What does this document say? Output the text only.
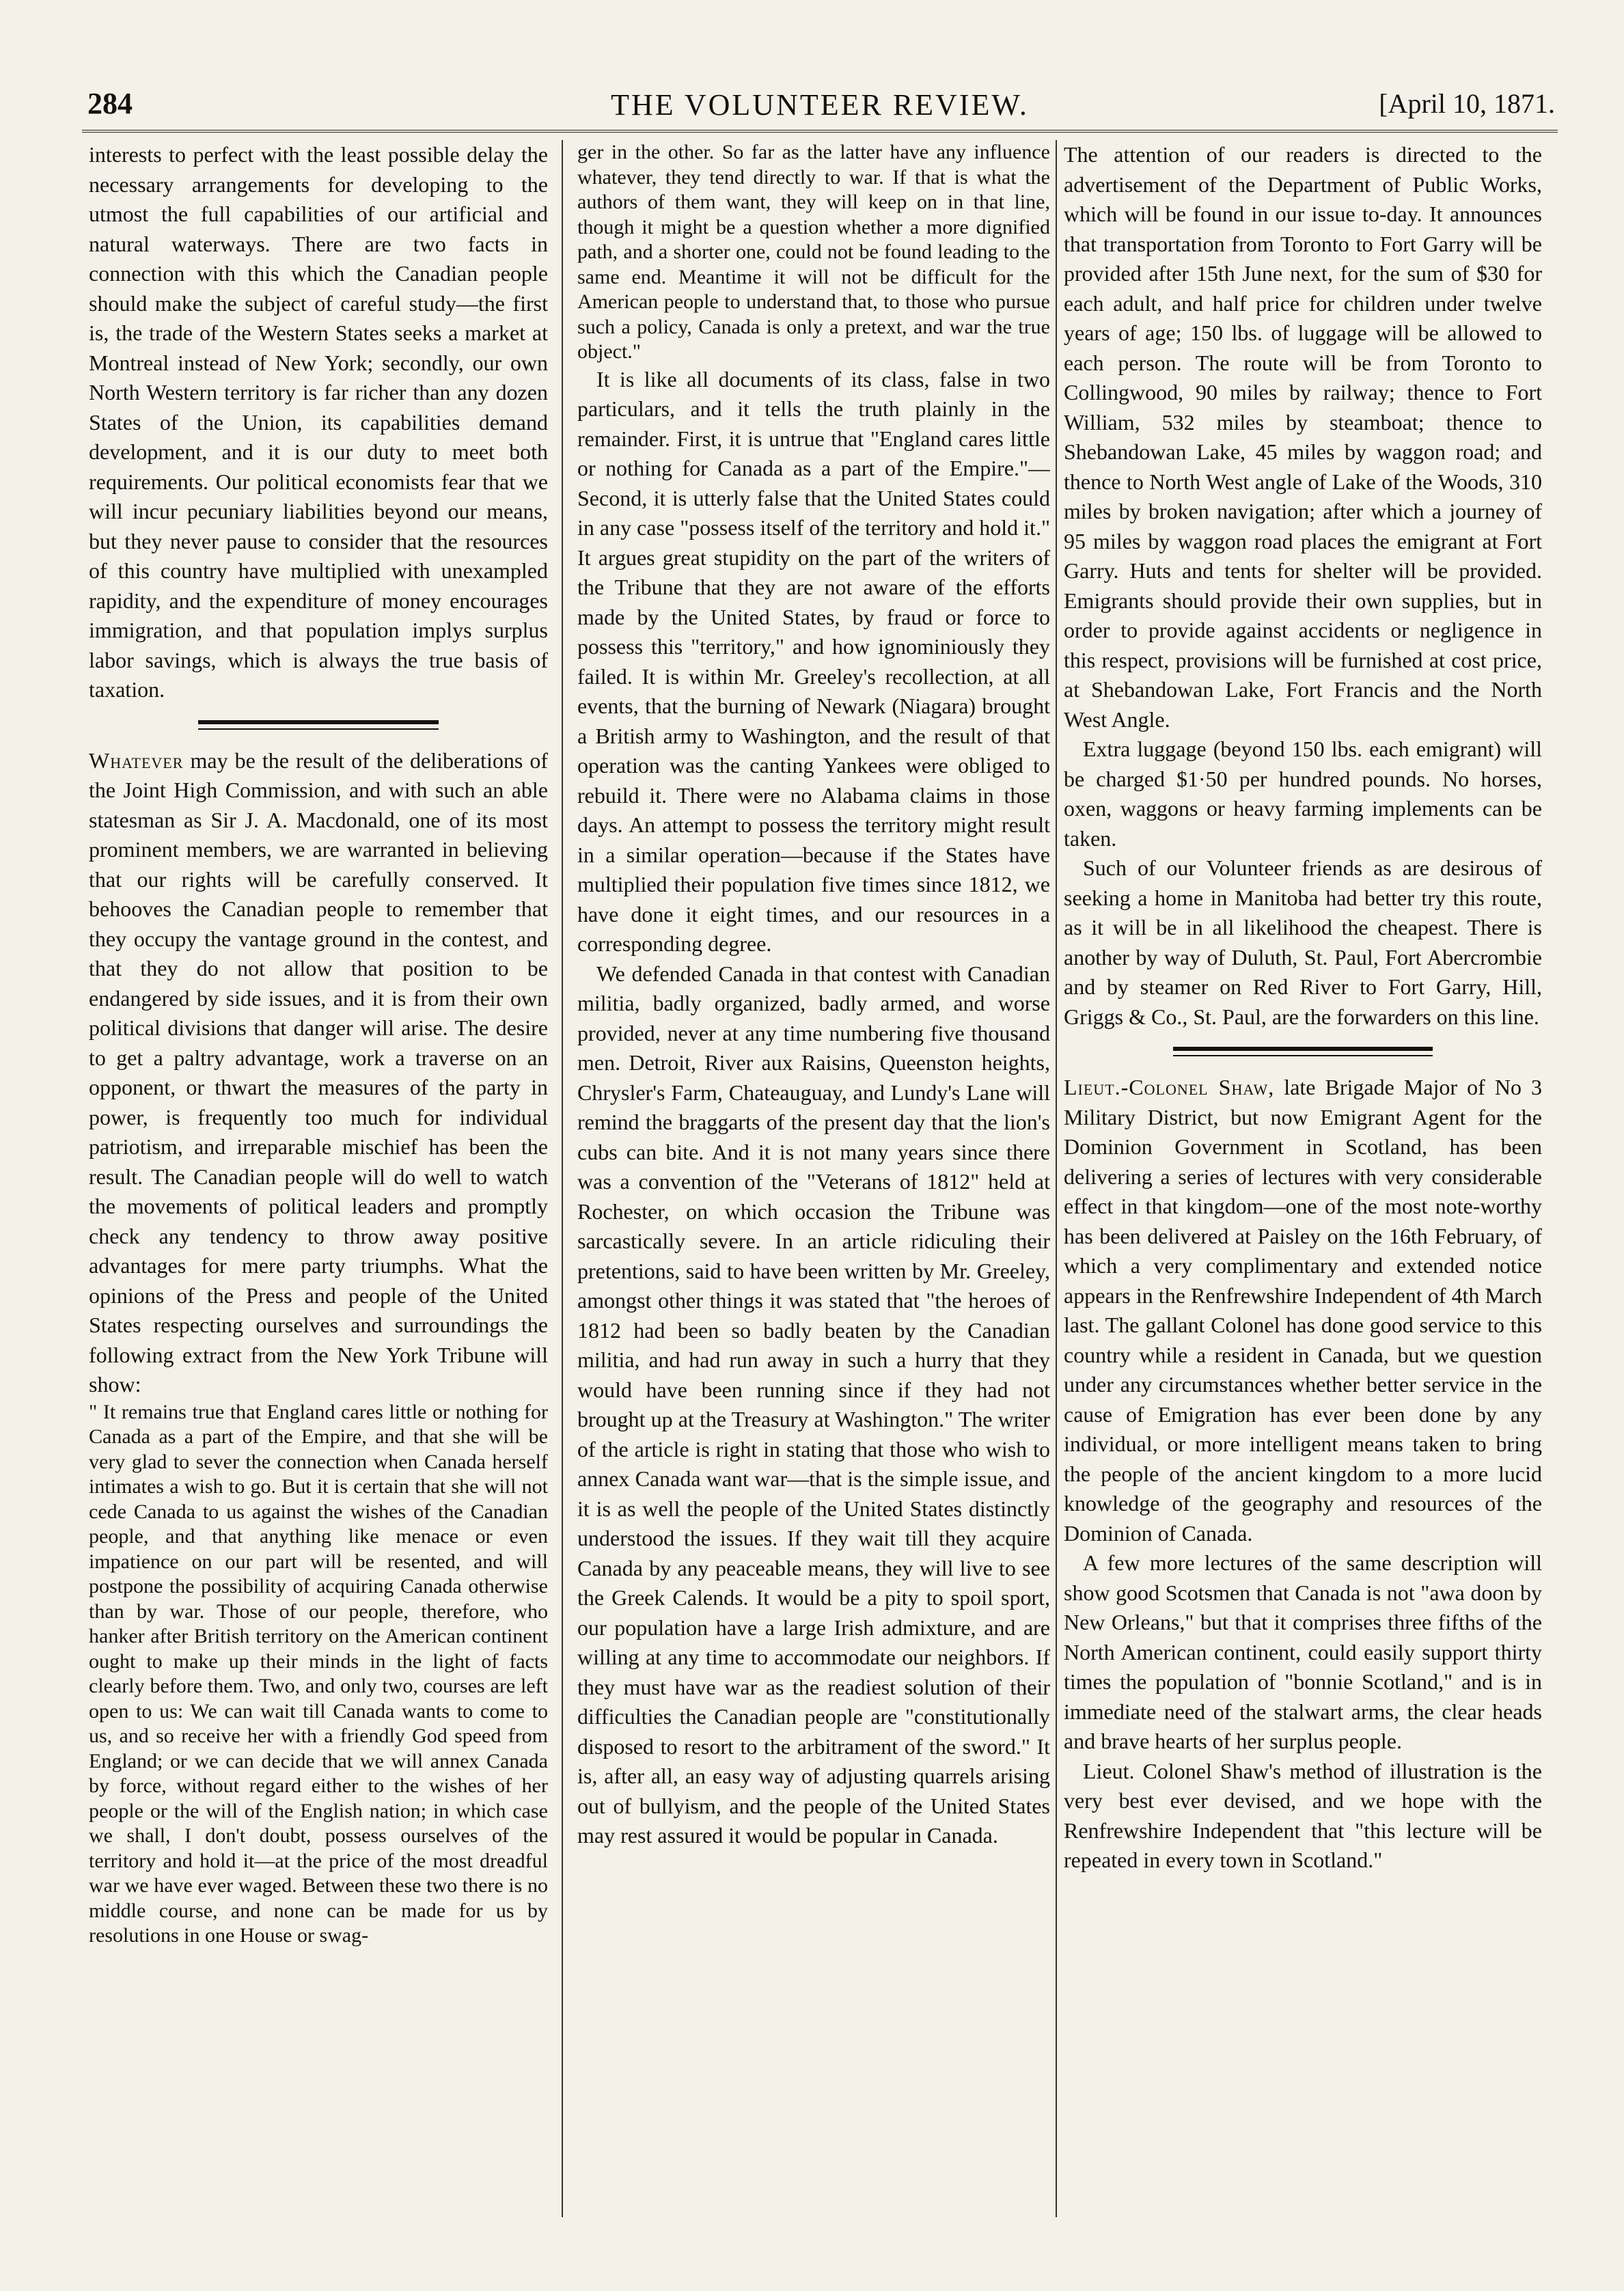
284	THE VOLUNTEER REVIEW.	[April 10, 1871.

interests to perfect with the least possible delay the necessary arrangements for developing to the utmost the full capabilities of our artificial and natural waterways. There are two facts in connection with this which the Canadian people should make the subject of careful study—the first is, the trade of the Western States seeks a market at Montreal instead of New York; secondly, our own North Western territory is far richer than any dozen States of the Union, its capabilities demand development, and it is our duty to meet both requirements. Our political economists fear that we will incur pecuniary liabilities beyond our means, but they never pause to consider that the resources of this country have multiplied with unexampled rapidity, and the expenditure of money encourages immigration, and that population implys surplus labor savings, which is always the true basis of taxation.

Whatever may be the result of the deliberations of the Joint High Commission, and with such an able statesman as Sir J. A. Macdonald, one of its most prominent members, we are warranted in believing that our rights will be carefully conserved. It behooves the Canadian people to remember that they occupy the vantage ground in the contest, and that they do not allow that position to be endangered by side issues, and it is from their own political divisions that danger will arise. The desire to get a paltry advantage, work a traverse on an opponent, or thwart the measures of the party in power, is frequently too much for individual patriotism, and irreparable mischief has been the result. The Canadian people will do well to watch the movements of political leaders and promptly check any tendency to throw away positive advantages for mere party triumphs. What the opinions of the Press and people of the United States respecting ourselves and surroundings the following extract from the New York Tribune will show:

" It remains true that England cares little or nothing for Canada as a part of the Empire, and that she will be very glad to sever the connection when Canada herself intimates a wish to go. But it is certain that she will not cede Canada to us against the wishes of the Canadian people, and that anything like menace or even impatience on our part will be resented, and will postpone the possibility of acquiring Canada otherwise than by war. Those of our people, therefore, who hanker after British territory on the American continent ought to make up their minds in the light of facts clearly before them. Two, and only two, courses are left open to us: We can wait till Canada wants to come to us, and so receive her with a friendly God speed from England; or we can decide that we will annex Canada by force, without regard either to the wishes of her people or the will of the English nation; in which case we shall, I don't doubt, possess ourselves of the territory and hold it—at the price of the most dreadful war we have ever waged. Between these two there is no middle course, and none can be made for us by resolutions in one House or swag-

ger in the other. So far as the latter have any influence whatever, they tend directly to war. If that is what the authors of them want, they will keep on in that line, though it might be a question whether a more dignified path, and a shorter one, could not be found leading to the same end. Meantime it will not be difficult for the American people to understand that, to those who pursue such a policy, Canada is only a pretext, and war the true object."

It is like all documents of its class, false in two particulars, and it tells the truth plainly in the remainder. First, it is untrue that "England cares little or nothing for Canada as a part of the Empire."—Second, it is utterly false that the United States could in any case "possess itself of the territory and hold it." It argues great stupidity on the part of the writers of the Tribune that they are not aware of the efforts made by the United States, by fraud or force to possess this "territory," and how ignominiously they failed. It is within Mr. Greeley's recollection, at all events, that the burning of Newark (Niagara) brought a British army to Washington, and the result of that operation was the canting Yankees were obliged to rebuild it. There were no Alabama claims in those days. An attempt to possess the territory might result in a similar operation—because if the States have multiplied their population five times since 1812, we have done it eight times, and our resources in a corresponding degree.

We defended Canada in that contest with Canadian militia, badly organized, badly armed, and worse provided, never at any time numbering five thousand men. Detroit, River aux Raisins, Queenston heights, Chrysler's Farm, Chateauguay, and Lundy's Lane will remind the braggarts of the present day that the lion's cubs can bite. And it is not many years since there was a convention of the "Veterans of 1812" held at Rochester, on which occasion the Tribune was sarcastically severe. In an article ridiculing their pretentions, said to have been written by Mr. Greeley, amongst other things it was stated that "the heroes of 1812 had been so badly beaten by the Canadian militia, and had run away in such a hurry that they would have been running since if they had not brought up at the Treasury at Washington." The writer of the article is right in stating that those who wish to annex Canada want war—that is the simple issue, and it is as well the people of the United States distinctly understood the issues. If they wait till they acquire Canada by any peaceable means, they will live to see the Greek Calends. It would be a pity to spoil sport, our population have a large Irish admixture, and are willing at any time to accommodate our neighbors. If they must have war as the readiest solution of their difficulties the Canadian people are "constitutionally disposed to resort to the arbitrament of the sword." It is, after all, an easy way of adjusting quarrels arising out of bullyism, and the people of the United States may rest assured it would be popular in Canada.

The attention of our readers is directed to the advertisement of the Department of Public Works, which will be found in our issue to-day. It announces that transportation from Toronto to Fort Garry will be provided after 15th June next, for the sum of $30 for each adult, and half price for children under twelve years of age; 150 lbs. of luggage will be allowed to each person. The route will be from Toronto to Collingwood, 90 miles by railway; thence to Fort William, 532 miles by steamboat; thence to Shebandowan Lake, 45 miles by waggon road; and thence to North West angle of Lake of the Woods, 310 miles by broken navigation; after which a journey of 95 miles by waggon road places the emigrant at Fort Garry. Huts and tents for shelter will be provided. Emigrants should provide their own supplies, but in order to provide against accidents or negligence in this respect, provisions will be furnished at cost price, at Shebandowan Lake, Fort Francis and the North West Angle.

Extra luggage (beyond 150 lbs. each emigrant) will be charged $1·50 per hundred pounds. No horses, oxen, waggons or heavy farming implements can be taken.

Such of our Volunteer friends as are desirous of seeking a home in Manitoba had better try this route, as it will be in all likelihood the cheapest. There is another by way of Duluth, St. Paul, Fort Abercrombie and by steamer on Red River to Fort Garry, Hill, Griggs & Co., St. Paul, are the forwarders on this line.

Lieut.-Colonel Shaw, late Brigade Major of No 3 Military District, but now Emigrant Agent for the Dominion Government in Scotland, has been delivering a series of lectures with very considerable effect in that kingdom—one of the most note-worthy has been delivered at Paisley on the 16th February, of which a very complimentary and extended notice appears in the Renfrewshire Independent of 4th March last. The gallant Colonel has done good service to this country while a resident in Canada, but we question under any circumstances whether better service in the cause of Emigration has ever been done by any individual, or more intelligent means taken to bring the people of the ancient kingdom to a more lucid knowledge of the geography and resources of the Dominion of Canada.

A few more lectures of the same description will show good Scotsmen that Canada is not "awa doon by New Orleans," but that it comprises three fifths of the North American continent, could easily support thirty times the population of "bonnie Scotland," and is in immediate need of the stalwart arms, the clear heads and brave hearts of her surplus people.

Lieut. Colonel Shaw's method of illustration is the very best ever devised, and we hope with the Renfrewshire Independent that "this lecture will be repeated in every town in Scotland."
